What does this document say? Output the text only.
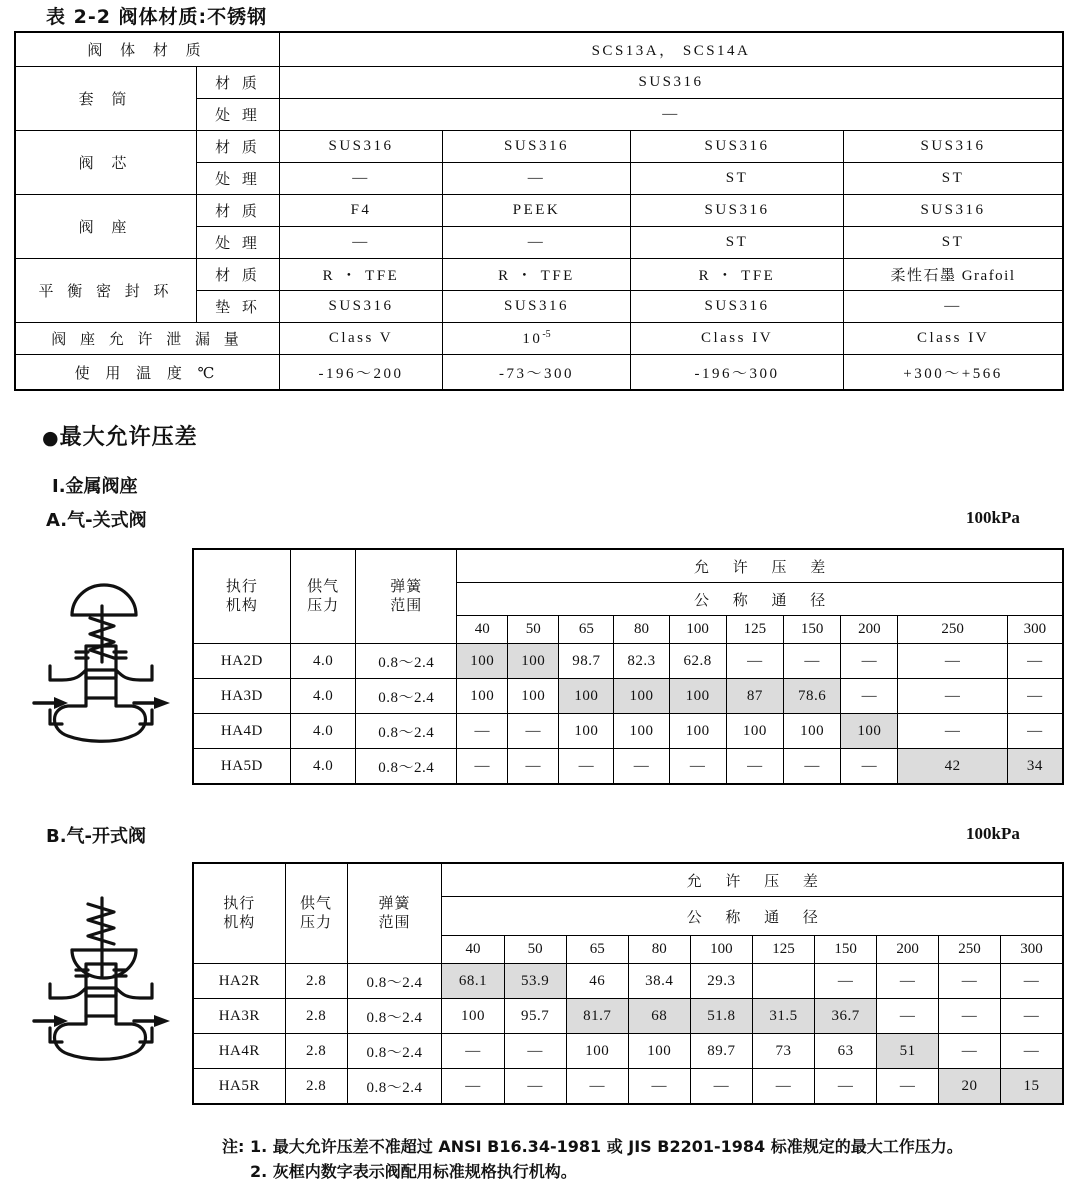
表 2-2 阀体材质:不锈钢
阀 体 材 质		SCS13A， SCS14A			
套 筒	材 质	SUS316			
	处 理	—			
阀 芯	材 质	SUS316	SUS316	SUS316	SUS316
	处 理	—	—	ST	ST
阀 座	材 质	F4	PEEK	SUS316	SUS316
	处 理	—	—	ST	ST
平 衡 密 封 环	材 质	R ・ TFE	R ・ TFE	R ・ TFE	柔性石墨 Grafoil
	垫 环	SUS316	SUS316	SUS316	—
阀 座 允 许 泄 漏 量		Class V	$10^{-5}$	Class IV	Class IV
使 用 温 度 ℃		-196～200	-73～300	-196～300	+300～+566
●最大允许压差
I.金属阀座
A.气-关式阀	100kPa
B.气-开式阀	100kPa
执行
机构

供气
压力

弹簧
范围
	允 许 压 差
			公 称 通 径									
			40	50	65	80	100	125	150	200	250	300
HA2D	4.0	0.8～2.4	100	100	98.7	82.3	62.8	—	—	—	—	—
HA3D	4.0	0.8～2.4	100	100	100	100	100	87	78.6	—	—	—
HA4D	4.0	0.8～2.4	—	—	100	100	100	100	100	100	—	—
HA5D	4.0	0.8～2.4	—	—	—	—	—	—	—	—	42	34
执行
机构

供气
压力

弹簧
范围
	允 许 压 差
			公 称 通 径									
			40	50	65	80	100	125	150	200	250	300
HA2R	2.8	0.8～2.4	68.1	53.9	46	38.4	29.3		—	—	—	—
HA3R	2.8	0.8～2.4	100	95.7	81.7	68	51.8	31.5	36.7	—	—	—
HA4R	2.8	0.8～2.4	—	—	100	100	89.7	73	63	51	—	—
HA5R	2.8	0.8～2.4	—	—	—	—	—	—	—	—	20	15
注: 1. 最大允许压差不准超过 ANSI B16.34-1981 或 JIS B2201-1984 标准规定的最大工作压力。
2. 灰框内数字表示阀配用标准规格执行机构。
